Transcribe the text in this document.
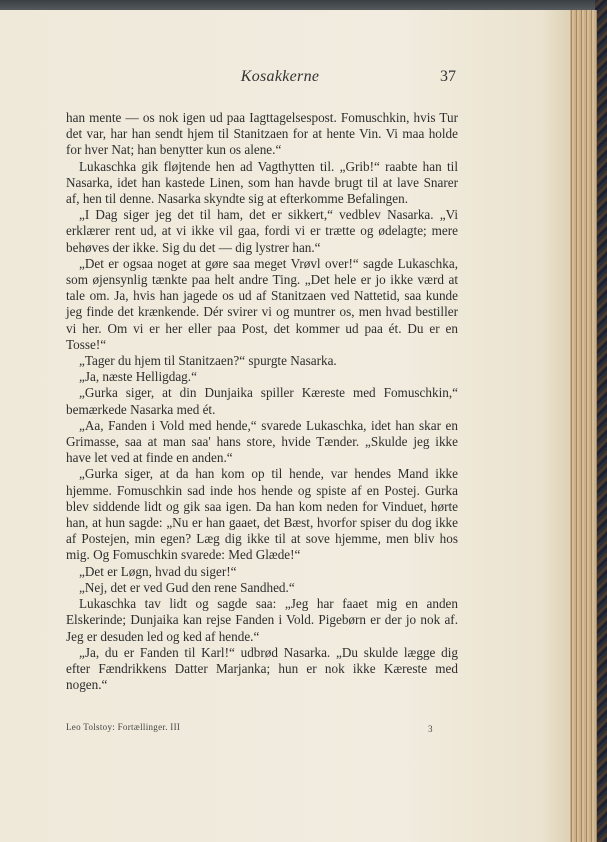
Kosakkerne	37

han mente — os nok igen ud paa Iagttagelsespost. Fomuschkin, hvis Tur det var, har han sendt hjem til Stanitzaen for at hente Vin. Vi maa holde for hver Nat; han benytter kun os alene.“

Lukaschka gik fløjtende hen ad Vagthytten til. „Grib!“ raabte han til Nasarka, idet han kastede Linen, som han havde brugt til at lave Snarer af, hen til denne. Nasarka skyndte sig at efterkomme Befalingen.

„I Dag siger jeg det til ham, det er sikkert,“ vedblev Nasarka. „Vi erklærer rent ud, at vi ikke vil gaa, fordi vi er trætte og ødelagte; mere behøves der ikke. Sig du det — dig lystrer han.“

„Det er ogsaa noget at gøre saa meget Vrøvl over!“ sagde Lukaschka, som øjensynlig tænkte paa helt andre Ting. „Det hele er jo ikke værd at tale om. Ja, hvis han jagede os ud af Stanitzaen ved Nattetid, saa kunde jeg finde det krænkende. Dér svirer vi og muntrer os, men hvad bestiller vi her. Om vi er her eller paa Post, det kommer ud paa ét. Du er en Tosse!“

„Tager du hjem til Stanitzaen?“ spurgte Nasarka.

„Ja, næste Helligdag.“

„Gurka siger, at din Dunjaika spiller Kæreste med Fomuschkin,“ bemærkede Nasarka med ét.

„Aa, Fanden i Vold med hende,“ svarede Lukaschka, idet han skar en Grimasse, saa at man saa' hans store, hvide Tænder. „Skulde jeg ikke have let ved at finde en anden.“

„Gurka siger, at da han kom op til hende, var hendes Mand ikke hjemme. Fomuschkin sad inde hos hende og spiste af en Postej. Gurka blev siddende lidt og gik saa igen. Da han kom neden for Vinduet, hørte han, at hun sagde: „Nu er han gaaet, det Bæst, hvorfor spiser du dog ikke af Postejen, min egen? Læg dig ikke til at sove hjemme, men bliv hos mig. Og Fomuschkin svarede: Med Glæde!“

„Det er Løgn, hvad du siger!“

„Nej, det er ved Gud den rene Sandhed.“

Lukaschka tav lidt og sagde saa: „Jeg har faaet mig en anden Elskerinde; Dunjaika kan rejse Fanden i Vold. Pigebørn er der jo nok af. Jeg er desuden led og ked af hende.“

„Ja, du er Fanden til Karl!“ udbrød Nasarka. „Du skulde lægge dig efter Fændrikkens Datter Marjanka; hun er nok ikke Kæreste med nogen.“

Leo Tolstoy: Fortællinger. III	3
